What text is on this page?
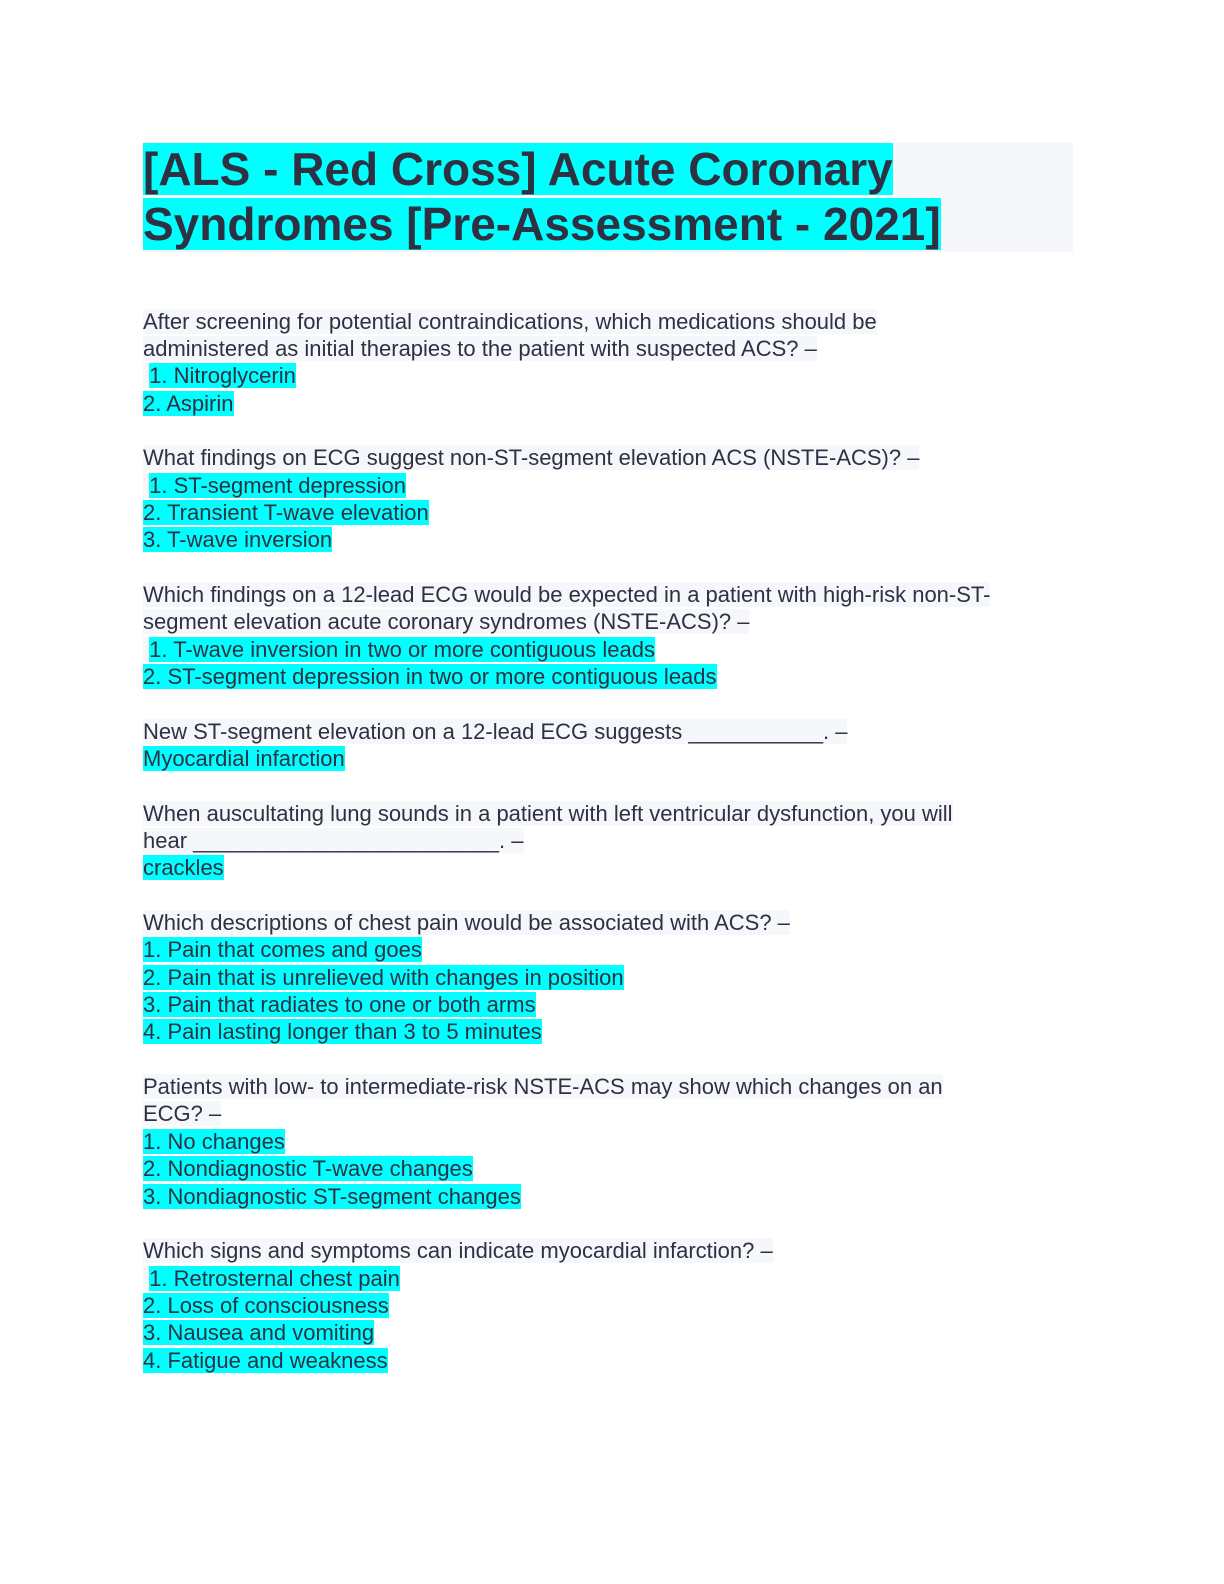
[ALS - Red Cross] Acute Coronary
Syndromes [Pre-Assessment - 2021]
After screening for potential contraindications, which medications should be
administered as initial therapies to the patient with suspected ACS? –
1. Nitroglycerin
2. Aspirin
What findings on ECG suggest non-ST-segment elevation ACS (NSTE-ACS)? –
1. ST-segment depression
2. Transient T-wave elevation
3. T-wave inversion
Which findings on a 12-lead ECG would be expected in a patient with high-risk non-ST-
segment elevation acute coronary syndromes (NSTE-ACS)? –
1. T-wave inversion in two or more contiguous leads
2. ST-segment depression in two or more contiguous leads
New ST-segment elevation on a 12-lead ECG suggests ___________. –
Myocardial infarction
When auscultating lung sounds in a patient with left ventricular dysfunction, you will
hear _________________________. –
crackles
Which descriptions of chest pain would be associated with ACS? –
1. Pain that comes and goes
2. Pain that is unrelieved with changes in position
3. Pain that radiates to one or both arms
4. Pain lasting longer than 3 to 5 minutes
Patients with low- to intermediate-risk NSTE-ACS may show which changes on an
ECG? –
1. No changes
2. Nondiagnostic T-wave changes
3. Nondiagnostic ST-segment changes
Which signs and symptoms can indicate myocardial infarction? –
1. Retrosternal chest pain
2. Loss of consciousness
3. Nausea and vomiting
4. Fatigue and weakness
